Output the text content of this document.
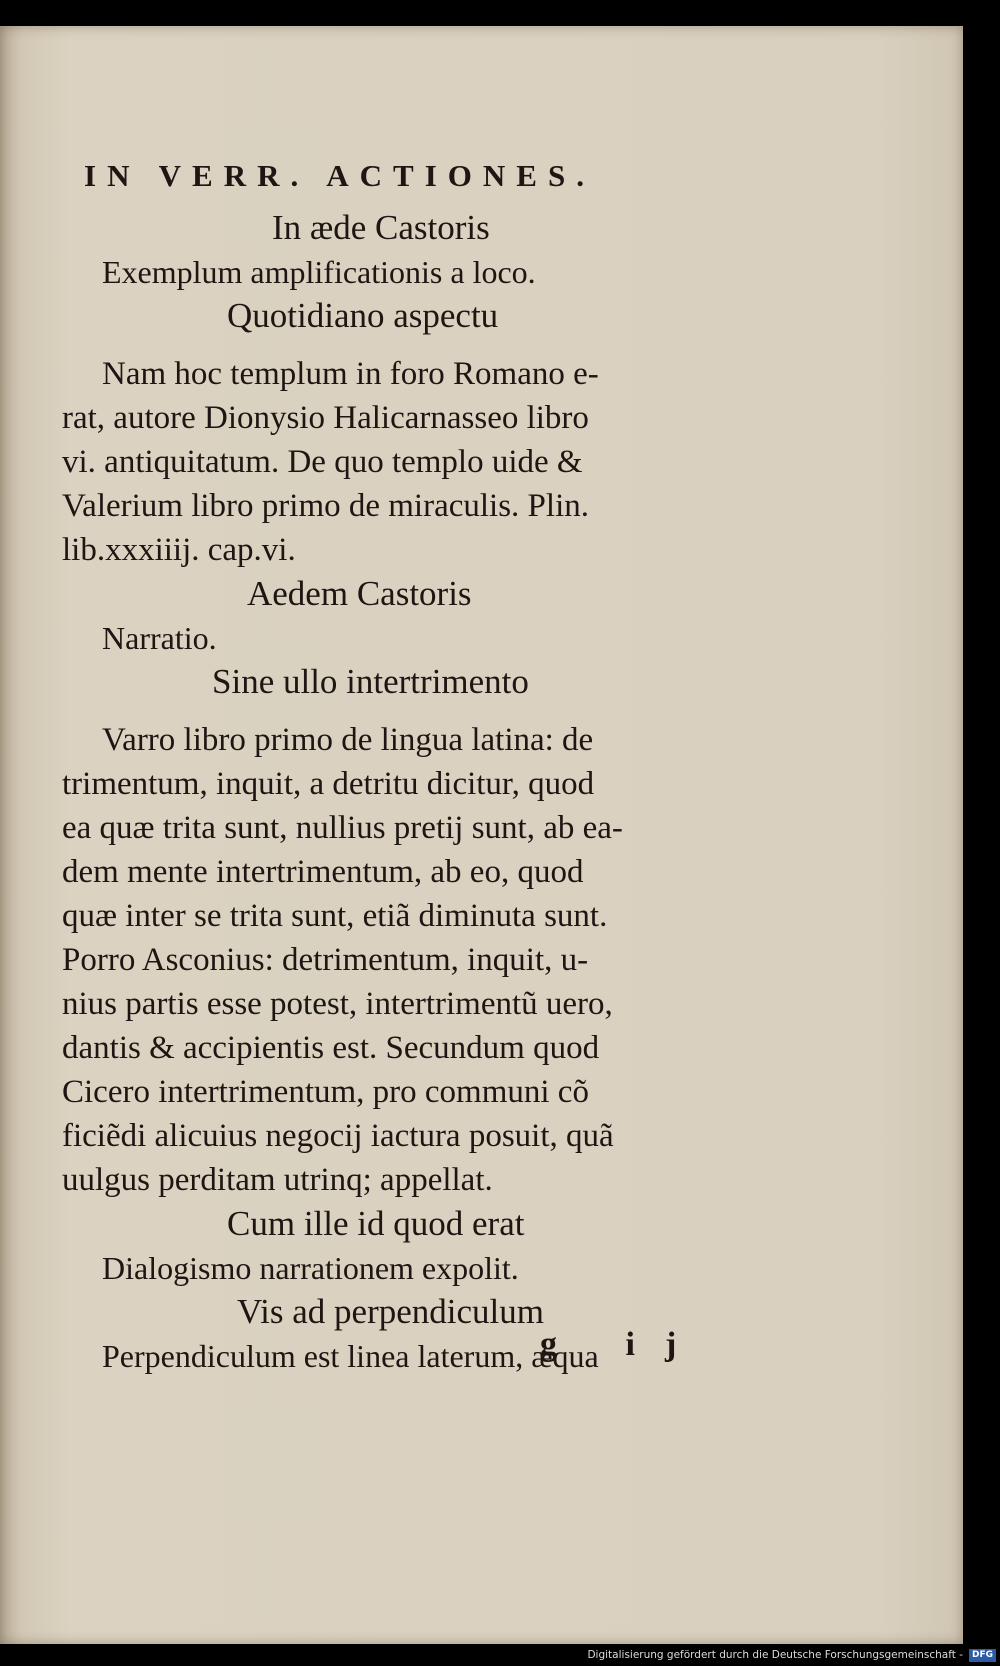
IN VERR. ACTIONES.
In æde Castoris
Exemplum amplificationis a loco.
Quotidiano aspectu
Nam hoc templum in foro Romano e-
rat, autore Dionysio Halicarnasseo libro
vi. antiquitatum. De quo templo uide &
Valerium libro primo de miraculis. Plin.
lib.xxxiiij. cap.vi.
Aedem Castoris
Narratio.
Sine ullo intertrimento
Varro libro primo de lingua latina: de
trimentum, inquit, a detritu dicitur, quod
ea quæ trita sunt, nullius pretij sunt, ab ea-
dem mente intertrimentum, ab eo, quod
quæ inter se trita sunt, etiã diminuta sunt.
Porro Asconius: detrimentum, inquit, u-
nius partis esse potest, intertrimentũ uero,
dantis & accipientis est. Secundum quod
Cicero intertrimentum, pro communi cõ
ficiẽdi alicuius negocij iactura posuit, quã
uulgus perditam utrinq; appellat.
Cum ille id quod erat
Dialogismo narrationem expolit.
Vis ad perpendiculum
Perpendiculum est linea laterum, æqua
g ij
Digitalisierung gefördert durch die Deutsche Forschungsgemeinschaft - DFG
